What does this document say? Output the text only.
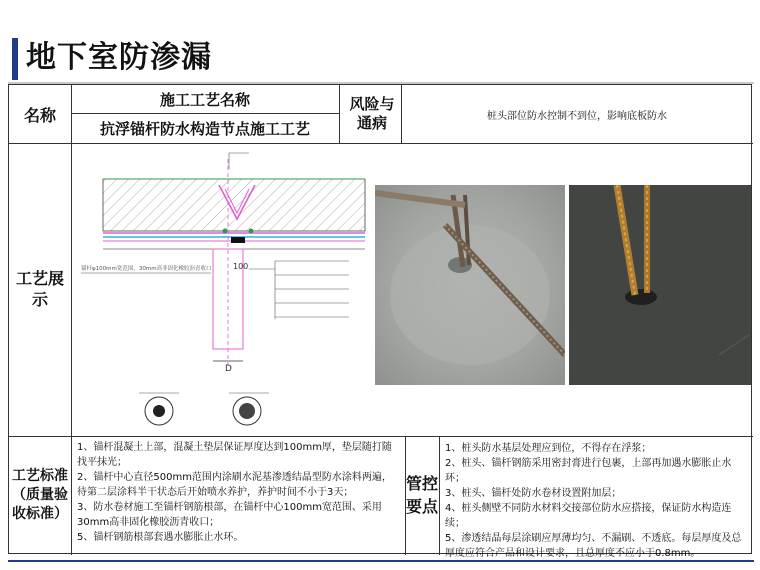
地下室防渗漏
名称
施工工艺名称
抗浮锚杆防水构造节点施工工艺
风险与通病	桩头部位防水控制不到位，影响底板防水
工艺展示
工艺标准（质量验收标准）
管控要点
D
100
锚杆φ100mm宽范围，30mm高非固化橡胶沥青收口
1、锚杆混凝土上部，混凝土垫层保证厚度达到100mm厚，垫层随打随找平抹光；
2、锚杆中心直径500mm范围内涂刷水泥基渗透结晶型防水涂料两遍，待第二层涂料半干状态后开始喷水养护，养护时间不小于3天；
3、防水卷材施工至锚杆钢筋根部，在锚杆中心100mm宽范围、采用30mm高非固化橡胶沥青收口；
5、锚杆钢筋根部套遇水膨胀止水环。
1、桩头防水基层处理应到位，不得存在浮浆；
2、桩头、锚杆钢筋采用密封膏进行包裹，上部再加遇水膨胀止水环；
3、桩头、锚杆处防水卷材设置附加层；
4、桩头侧壁不同防水材料交接部位防水应搭接，保证防水构造连续；
5、渗透结晶每层涂刷应厚薄均匀、不漏刷、不透底。每层厚度及总厚度应符合产品和设计要求，且总厚度不应小于0.8mm。
